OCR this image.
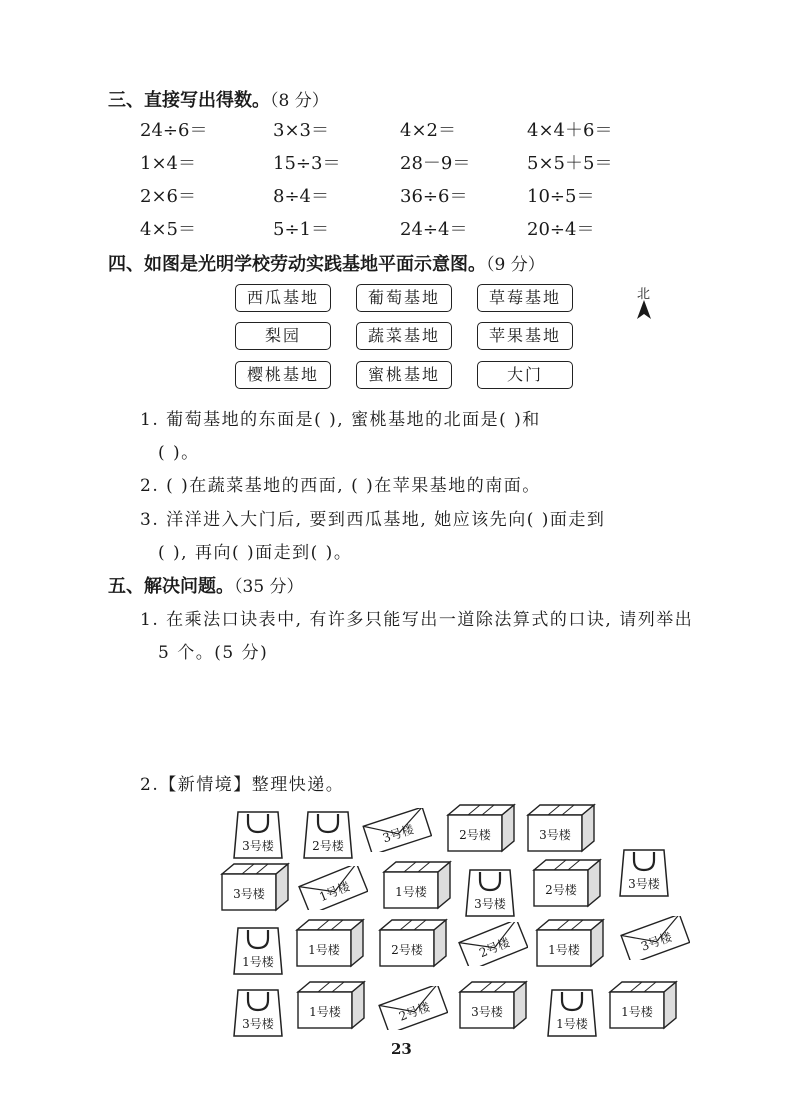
三、直接写出得数。（8 分）
24÷6＝	3×3＝	4×2＝	4×4＋6＝
1×4＝	15÷3＝	28－9＝	5×5＋5＝
2×6＝	8÷4＝	36÷6＝	10÷5＝
4×5＝	5÷1＝	24÷4＝	20÷4＝
四、如图是光明学校劳动实践基地平面示意图。（9 分）
西瓜基地	葡萄基地	草莓基地
梨园	蔬菜基地	苹果基地
樱桃基地	蜜桃基地	大门
北
1. 葡萄基地的东面是( ), 蜜桃基地的北面是( )和
( )。
2. ( )在蔬菜基地的西面, ( )在苹果基地的南面。
3. 洋洋进入大门后, 要到西瓜基地, 她应该先向( )面走到
( ), 再向( )面走到( )。
五、解决问题。（35 分）
1. 在乘法口诀表中, 有许多只能写出一道除法算式的口诀, 请列举出
5 个。(5 分)
2.【新情境】整理快递。
3号楼	2号楼
3号楼	2号楼	3号楼
3号楼
3号楼	1号楼	1号楼
3号楼
2号楼
1号楼
1号楼	2号楼	2号楼	1号楼	3号楼
3号楼
1号楼	2号楼	3号楼
1号楼
1号楼
23
